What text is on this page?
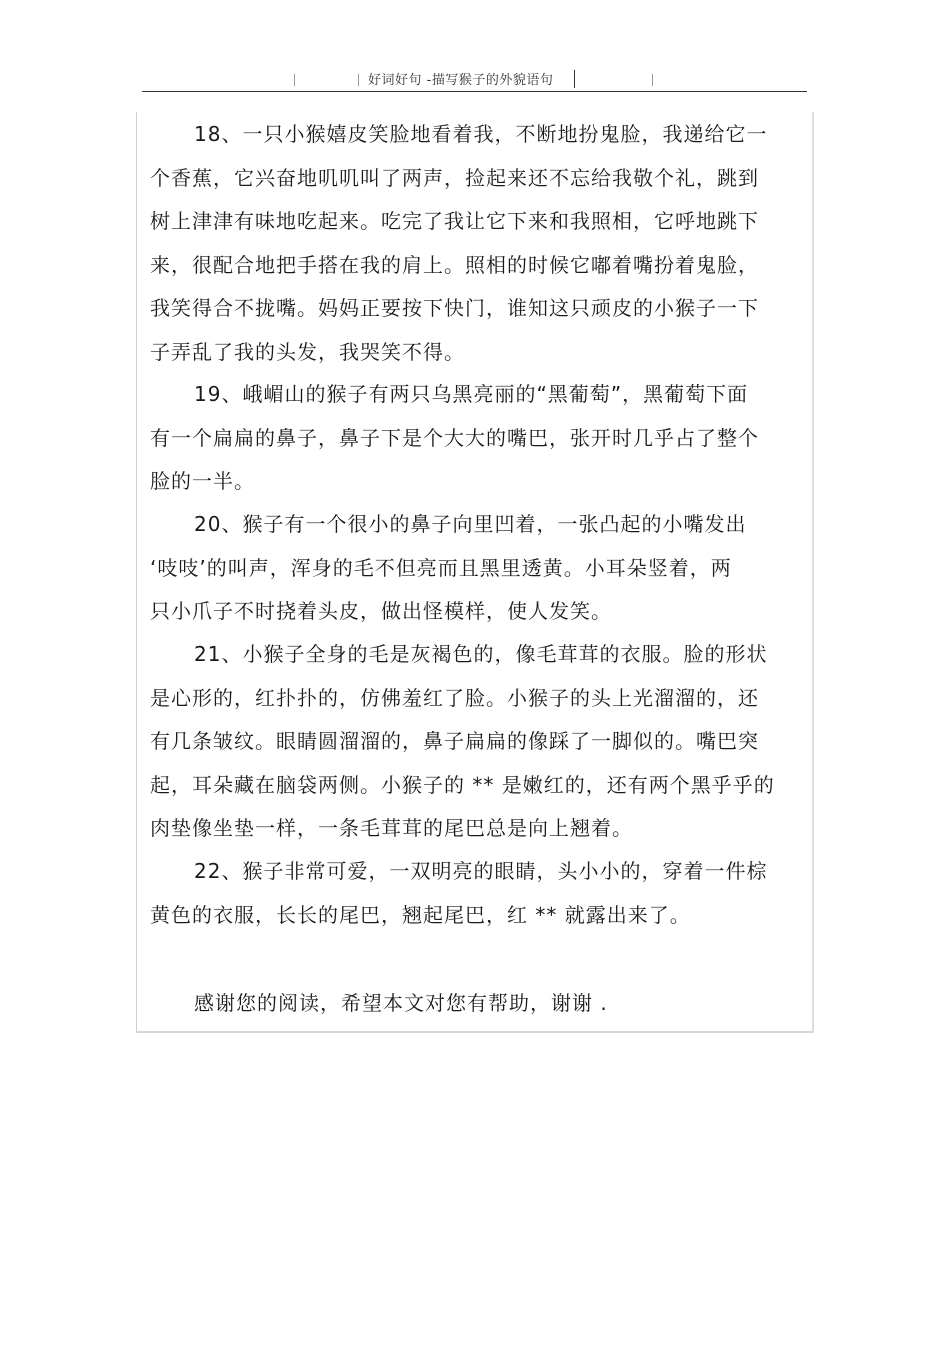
好词好句 -描写猴子的外貌语句
18、一只小猴嬉皮笑脸地看着我，不断地扮鬼脸，我递给它一
个香蕉，它兴奋地叽叽叫了两声，捡起来还不忘给我敬个礼，跳到
树上津津有味地吃起来。吃完了我让它下来和我照相，它呼地跳下
来，很配合地把手搭在我的肩上。照相的时候它嘟着嘴扮着鬼脸，
我笑得合不拢嘴。妈妈正要按下快门，谁知这只顽皮的小猴子一下
子弄乱了我的头发，我哭笑不得。
19、峨嵋山的猴子有两只乌黑亮丽的“黑葡萄”，黑葡萄下面
有一个扁扁的鼻子，鼻子下是个大大的嘴巴，张开时几乎占了整个
脸的一半。
20、猴子有一个很小的鼻子向里凹着，一张凸起的小嘴发出
‘吱吱’的叫声，浑身的毛不但亮而且黑里透黄。小耳朵竖着，两
只小爪子不时挠着头皮，做出怪模样，使人发笑。
21、小猴子全身的毛是灰褐色的，像毛茸茸的衣服。脸的形状
是心形的，红扑扑的，仿佛羞红了脸。小猴子的头上光溜溜的，还
有几条皱纹。眼睛圆溜溜的，鼻子扁扁的像踩了一脚似的。嘴巴突
起，耳朵藏在脑袋两侧。小猴子的 ** 是嫩红的，还有两个黑乎乎的
肉垫像坐垫一样，一条毛茸茸的尾巴总是向上翘着。
22、猴子非常可爱，一双明亮的眼睛，头小小的，穿着一件棕
黄色的衣服，长长的尾巴，翘起尾巴，红 ** 就露出来了。
感谢您的阅读，希望本文对您有帮助，谢谢 .
